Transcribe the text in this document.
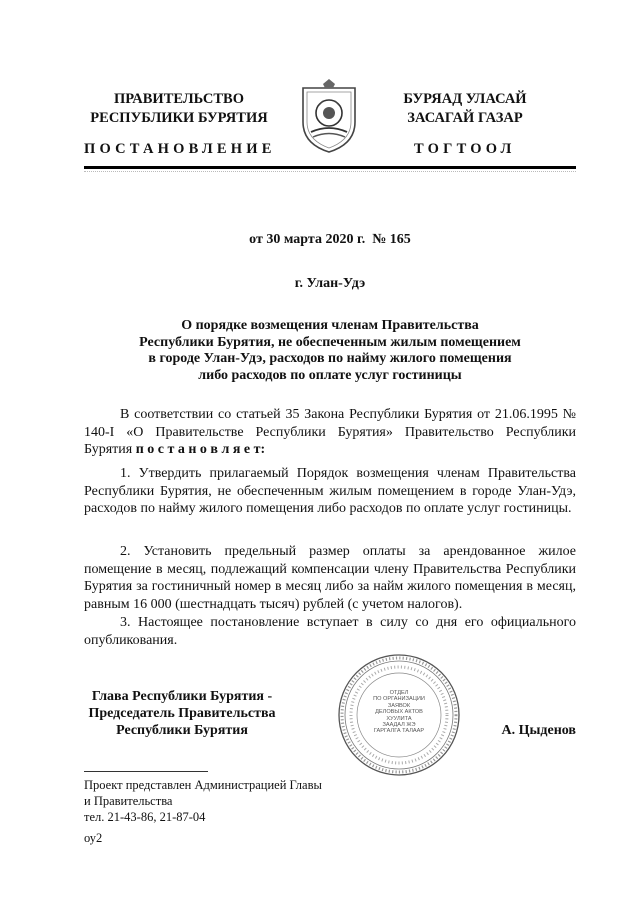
ПРАВИТЕЛЬСТВО
РЕСПУБЛИКИ БУРЯТИЯ
БУРЯАД УЛАСАЙ
ЗАСАГАЙ ГАЗАР
ПОСТАНОВЛЕНИЕ	ТОГТООЛ
от 30 марта 2020 г.  № 165
г. Улан-Удэ
О порядке возмещения членам Правительства
Республики Бурятия, не обеспеченным жилым помещением
в городе Улан-Удэ, расходов по найму жилого помещения
либо расходов по оплате услуг гостиницы
В соответствии со статьей 35 Закона Республики Бурятия от 21.06.1995 № 140-I «О Правительстве Республики Бурятия» Правительство Республики Бурятия п о с т а н о в л я е т:
1. Утвердить прилагаемый Порядок возмещения членам Правительства Республики Бурятия, не обеспеченным жилым помещением в городе Улан-Удэ, расходов по найму жилого помещения либо расходов по оплате услуг гостиницы.
2. Установить предельный размер оплаты за арендованное жилое помещение в месяц, подлежащий компенсации члену Правительства Республики Бурятия за гостиничный номер в месяц либо за найм жилого помещения в месяц, равным 16 000 (шестнадцать тысяч) рублей (с учетом налогов).
3. Настоящее постановление вступает в силу со дня его официального опубликования.
Глава Республики Бурятия -
Председатель Правительства
Республики Бурятия
ОТДЕЛ
ПО ОРГАНИЗАЦИИ
ЗАЯВОК
ДЕЛОВЫХ АКТОВ
ХУУЛИТА
ЗААДАЛ ЖЭ
ГАРГАЛГА ТАЛААР	А. Цыденов
Проект представлен Администрацией Главы
и Правительства
тел. 21-43-86, 21-87-04
оу2
